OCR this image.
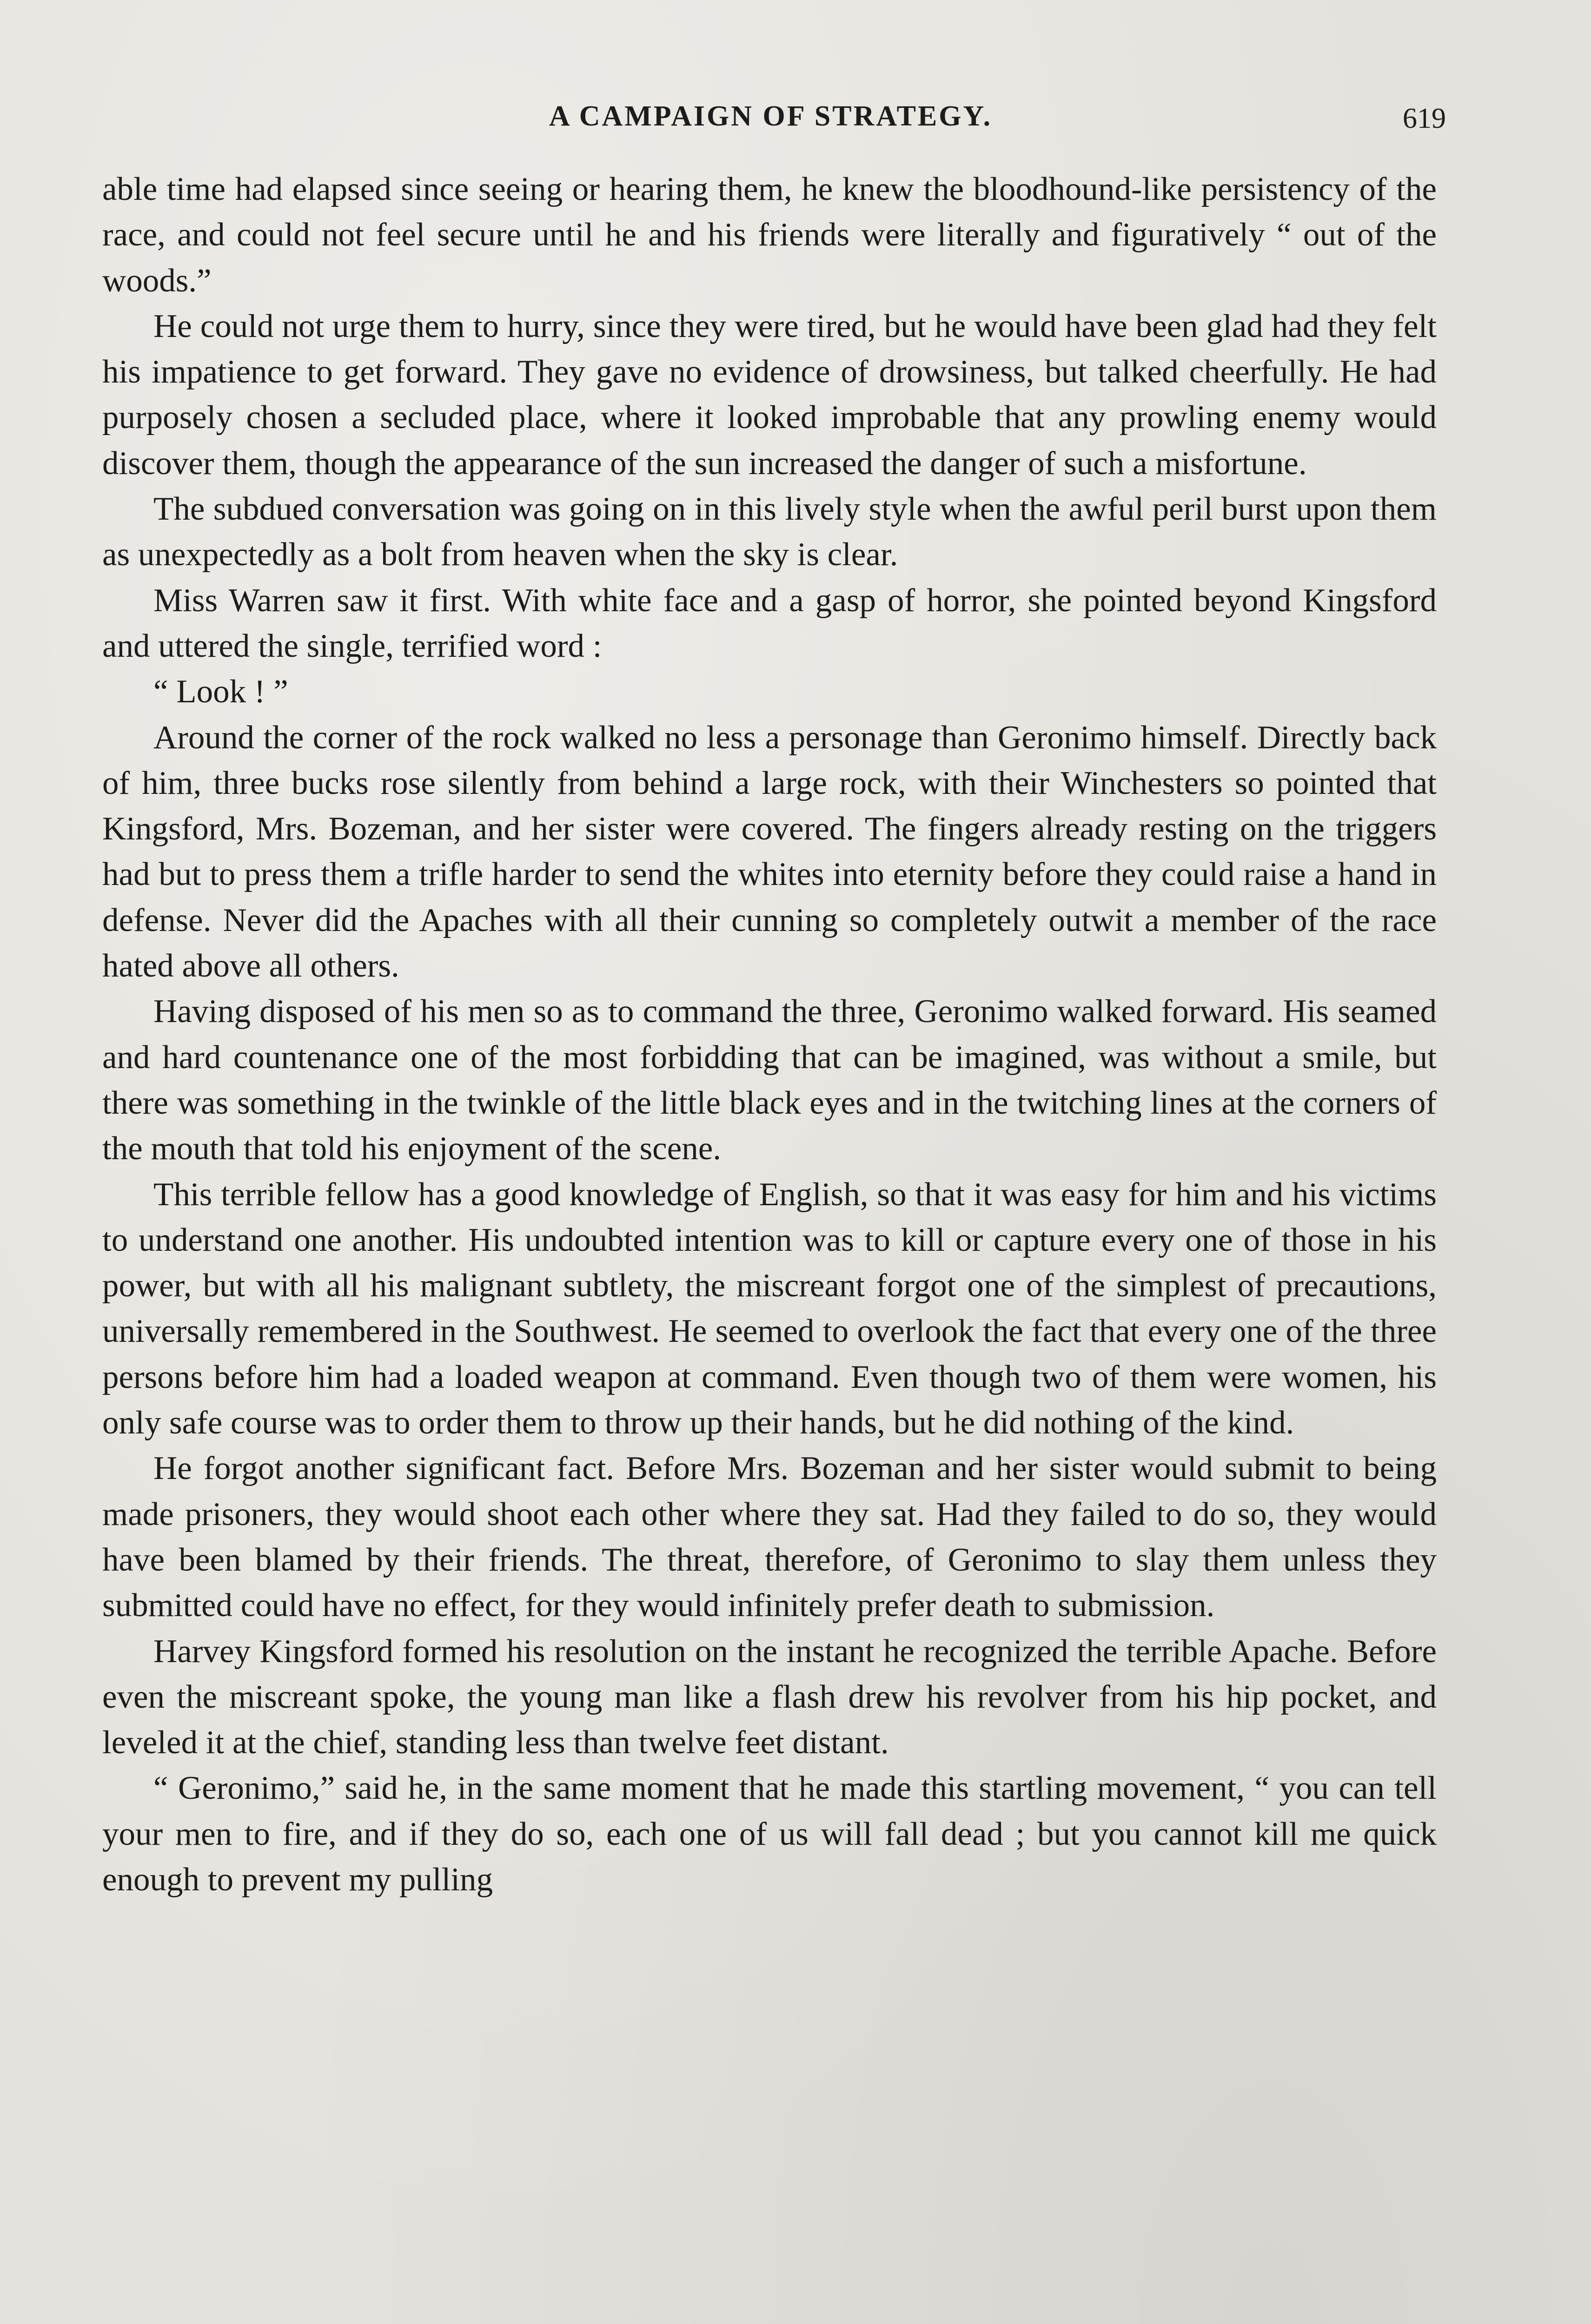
A CAMPAIGN OF STRATEGY.	619

able time had elapsed since seeing or hearing them, he knew the bloodhound-like persistency of the race, and could not feel secure until he and his friends were literally and figuratively “ out of the woods.”

He could not urge them to hurry, since they were tired, but he would have been glad had they felt his impatience to get forward. They gave no evidence of drowsiness, but talked cheerfully. He had purposely chosen a secluded place, where it looked improbable that any prowling enemy would discover them, though the appearance of the sun increased the danger of such a misfortune.

The subdued conversation was going on in this lively style when the awful peril burst upon them as unexpectedly as a bolt from heaven when the sky is clear.

Miss Warren saw it first. With white face and a gasp of horror, she pointed beyond Kingsford and uttered the single, terrified word :

“ Look ! ”

Around the corner of the rock walked no less a personage than Geronimo himself. Directly back of him, three bucks rose silently from behind a large rock, with their Winchesters so pointed that Kingsford, Mrs. Bozeman, and her sister were covered. The fingers already resting on the triggers had but to press them a trifle harder to send the whites into eternity before they could raise a hand in defense. Never did the Apaches with all their cunning so completely outwit a member of the race hated above all others.

Having disposed of his men so as to command the three, Geronimo walked forward. His seamed and hard countenance one of the most forbidding that can be imagined, was without a smile, but there was something in the twinkle of the little black eyes and in the twitching lines at the corners of the mouth that told his enjoyment of the scene.

This terrible fellow has a good knowledge of English, so that it was easy for him and his victims to understand one another. His undoubted intention was to kill or capture every one of those in his power, but with all his malignant subtlety, the miscreant forgot one of the simplest of precautions, universally remembered in the Southwest. He seemed to overlook the fact that every one of the three persons before him had a loaded weapon at command. Even though two of them were women, his only safe course was to order them to throw up their hands, but he did nothing of the kind.

He forgot another significant fact. Before Mrs. Bozeman and her sister would submit to being made prisoners, they would shoot each other where they sat. Had they failed to do so, they would have been blamed by their friends. The threat, therefore, of Geronimo to slay them unless they submitted could have no effect, for they would infinitely prefer death to submission.

Harvey Kingsford formed his resolution on the instant he recognized the terrible Apache. Before even the miscreant spoke, the young man like a flash drew his revolver from his hip pocket, and leveled it at the chief, standing less than twelve feet distant.

“ Geronimo,” said he, in the same moment that he made this startling movement, “ you can tell your men to fire, and if they do so, each one of us will fall dead ; but you cannot kill me quick enough to prevent my pulling
